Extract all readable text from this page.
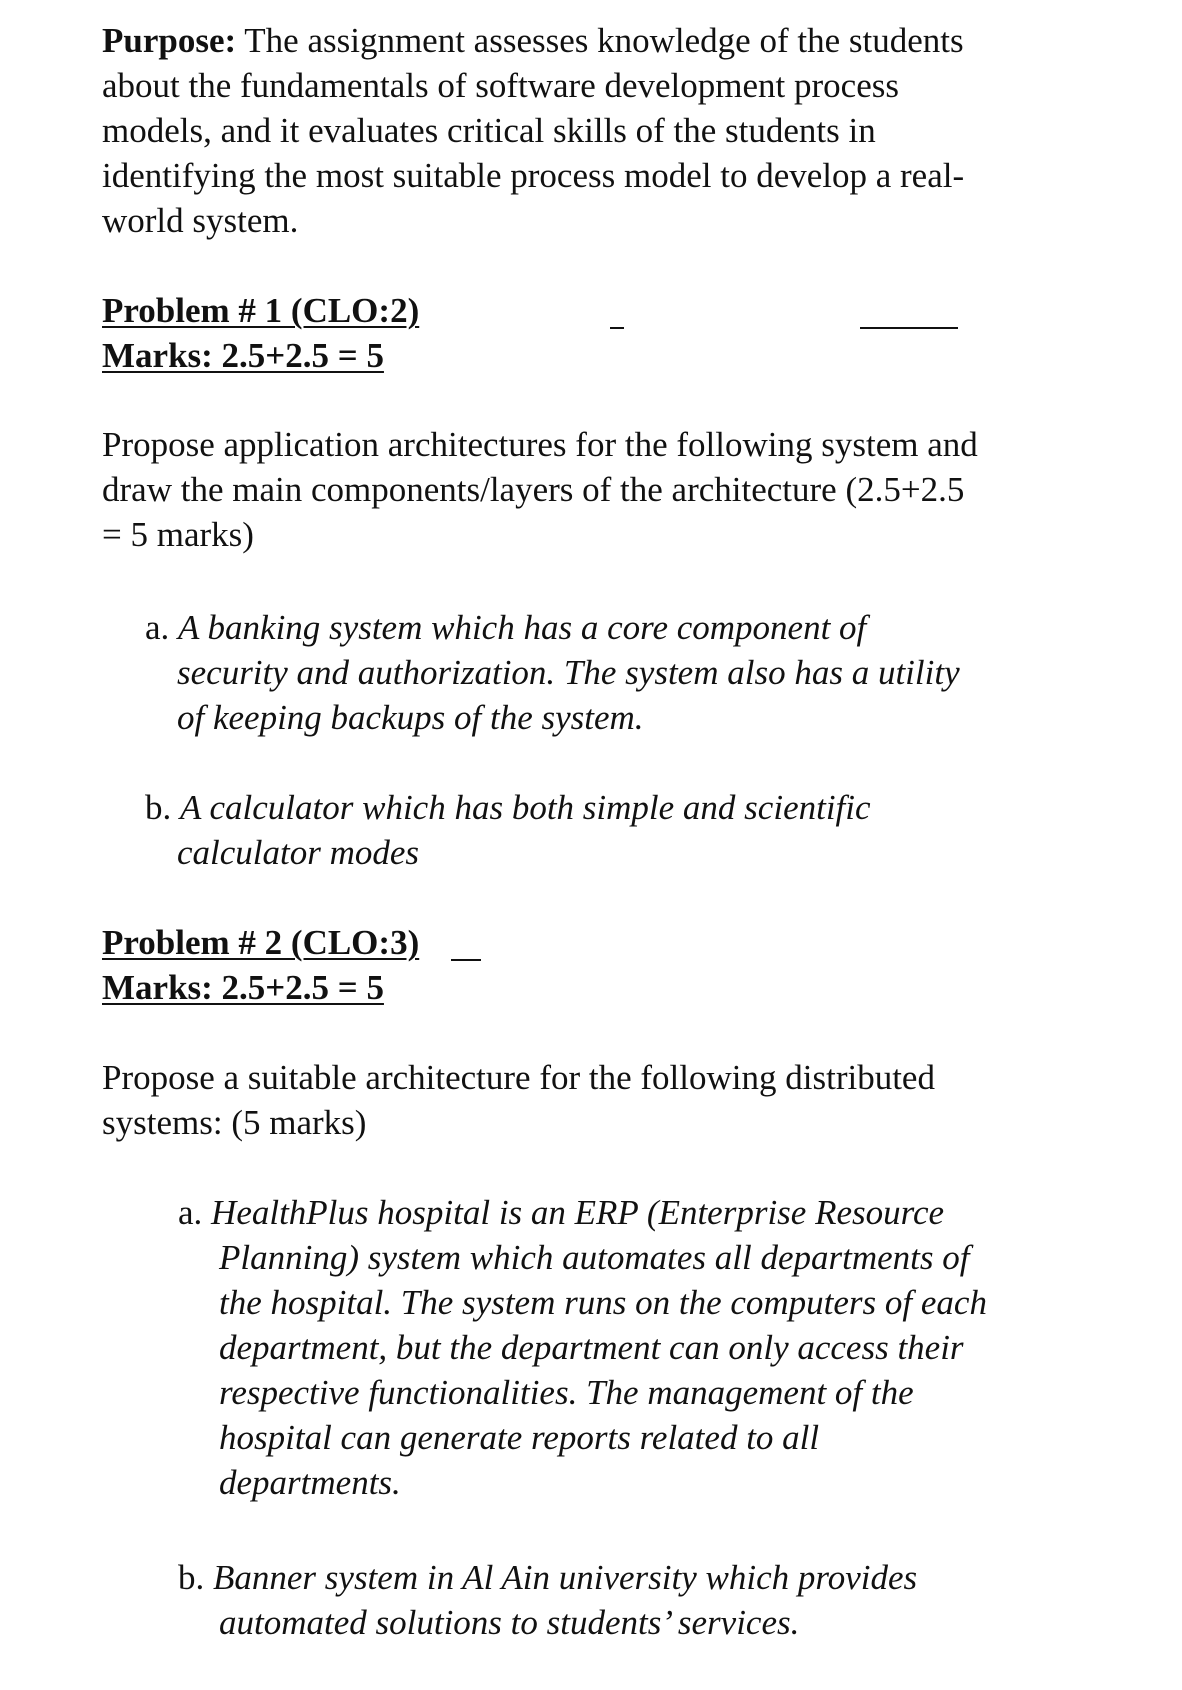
Purpose: The assignment assesses knowledge of the students
about the fundamentals of software development process
models, and it evaluates critical skills of the students in
identifying the most suitable process model to develop a real-
world system.
Problem # 1 (CLO:2)
Marks: 2.5+2.5 = 5
Propose application architectures for the following system and
draw the main components/layers of the architecture (2.5+2.5
= 5 marks)
a. A banking system which has a core component of
security and authorization. The system also has a utility
of keeping backups of the system.
b. A calculator which has both simple and scientific
calculator modes
Problem # 2 (CLO:3)
Marks: 2.5+2.5 = 5
Propose a suitable architecture for the following distributed
systems: (5 marks)
a. HealthPlus hospital is an ERP (Enterprise Resource
Planning) system which automates all departments of
the hospital. The system runs on the computers of each
department, but the department can only access their
respective functionalities. The management of the
hospital can generate reports related to all
departments.
b. Banner system in Al Ain university which provides
automated solutions to students’ services.
